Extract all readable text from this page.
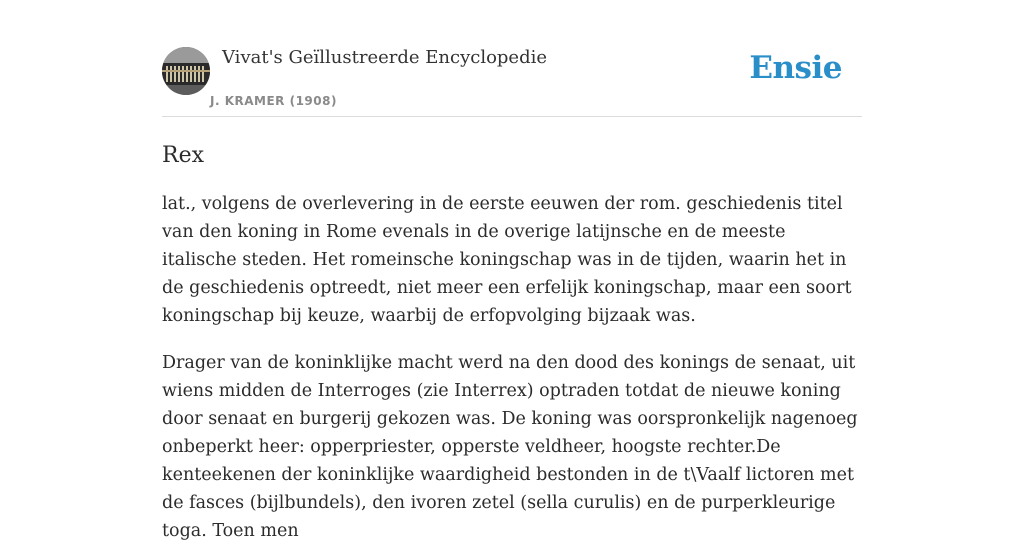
Vivat's Geïllustreerde Encyclopedie
J. KRAMER (1908)
Ensie
Rex

lat., volgens de overlevering in de eerste eeuwen der rom. geschiedenis titel van den koning in Rome evenals in de overige latijnsche en de meeste italische steden. Het romeinsche koningschap was in de tijden, waarin het in de geschiedenis optreedt, niet meer een erfelijk koningschap, maar een soort koningschap bij keuze, waarbij de erfopvolging bijzaak was.

Drager van de koninklijke macht werd na den dood des konings de senaat, uit wiens midden de Interroges (zie Interrex) optraden totdat de nieuwe koning door senaat en burgerij gekozen was. De koning was oorspronkelijk nagenoeg onbeperkt heer: opperpriester, opperste veldheer, hoogste rechter.De kenteekenen der koninklijke waardigheid bestonden in de t\Vaalf lictoren met de fasces (bijlbundels), den ivoren zetel (sella curulis) en de purperkleurige toga. Toen men
